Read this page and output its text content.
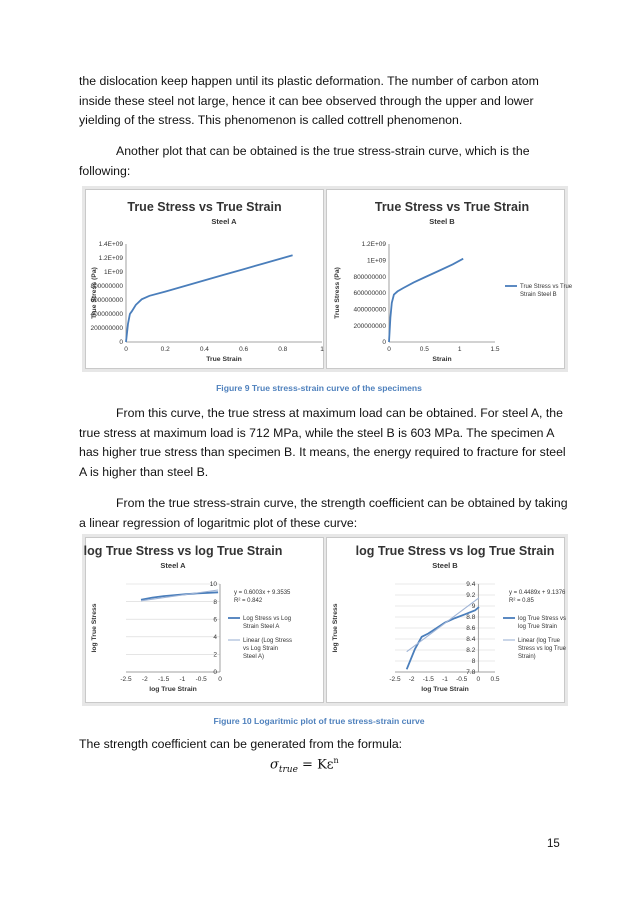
the dislocation keep happen until its plastic deformation. The number of carbon atom inside these steel not large, hence it can bee observed through the upper and lower yielding of the stress. This phenomenon is called cottrell phenomenon.

Another plot that can be obtained is the true stress-strain curve, which is the following:

True Stress vs True Strain
Steel A
0	0.2	0.4	0.6	0.8	1
0
200000000
400000000
600000000
800000000
1E+09
1.2E+09
1.4E+09
True Strain
True Stress (Pa)
True Stress vs True Strain
Steel B
0	0.5	1	1.5
0
200000000
400000000
600000000
800000000
1E+09
1.2E+09
Strain
True Stress (Pa)	True Stress vs True
Strain Steel B
Figure 9 True stress-strain curve of the specimens

From this curve, the true stress at maximum load can be obtained. For steel A, the true stress at maximum load is 712 MPa, while the steel B is 603 MPa. The specimen A has higher true stress than specimen B. It means, the energy required to fracture for steel A is higher than steel B.

From the true stress-strain curve, the strength coefficient can be obtained by taking a linear regression of logaritmic plot of these curve:

log True Stress vs log True Strain
Steel A
-2.5 -2 -1.5 -1 -0.5 0
0
2
4
6
8
10
log True Strain
log True Stress	Log Stress vs Log
Strain Steel A
Linear (Log Stress
vs Log Strain
Steel A)
y = 0.6003x + 9.3535
R² = 0.842
log True Stress vs log True Strain
Steel B
-2.5 -2 -1.5 -1 -0.5 0 0.5
7.8
8
8.2
8.4
8.6
8.8
9
9.2
9.4
log True Strain
log True Stress	log True Stress vs
log True Strain
Linear (log True
Stress vs log True
Strain)
y = 0.4489x + 9.1376
R² = 0.85
Figure 10 Logaritmic plot of true stress-strain curve

The strength coefficient can be generated from the formula:

$\sigma_{true} = K\varepsilon^n$
15
